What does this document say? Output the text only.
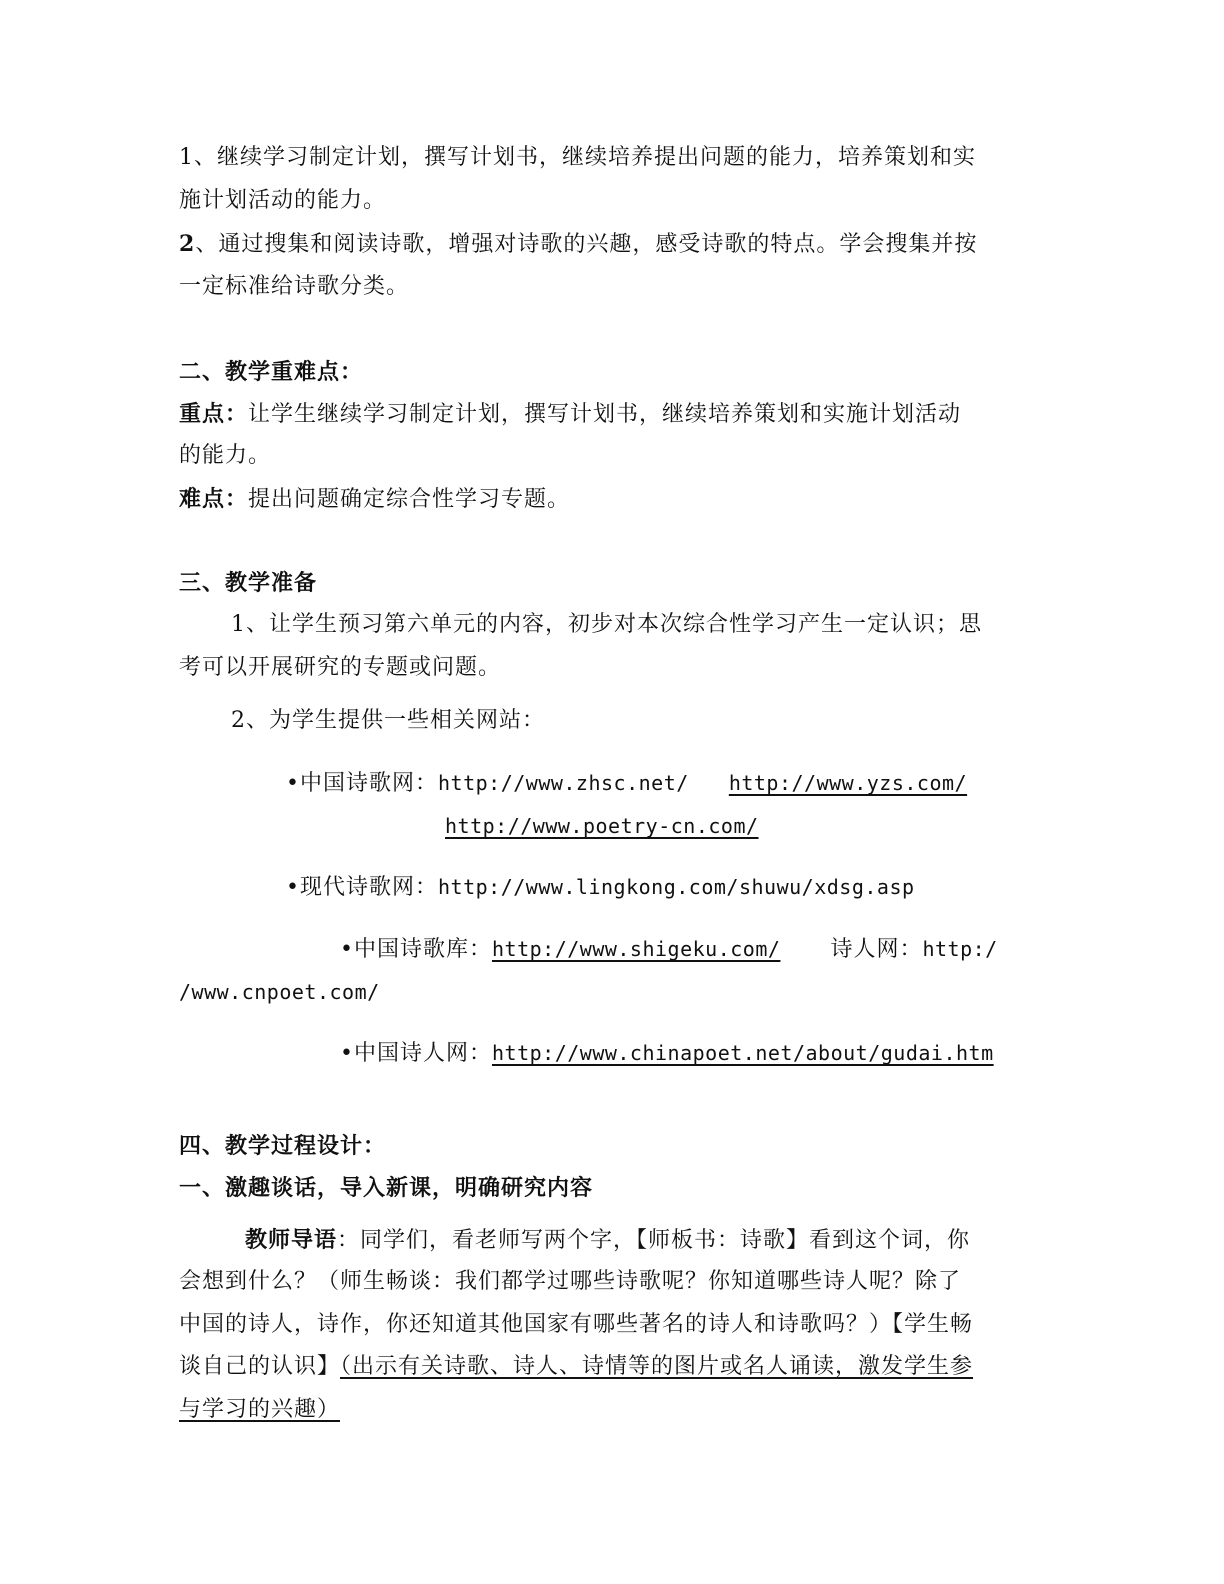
1、继续学习制定计划，撰写计划书，继续培养提出问题的能力，培养策划和实
施计划活动的能力。
2、通过搜集和阅读诗歌，增强对诗歌的兴趣，感受诗歌的特点。学会搜集并按
一定标准给诗歌分类。
二、教学重难点：
重点：让学生继续学习制定计划，撰写计划书，继续培养策划和实施计划活动
的能力。
难点：提出问题确定综合性学习专题。
三、教学准备
1、让学生预习第六单元的内容，初步对本次综合性学习产生一定认识；思
考可以开展研究的专题或问题。
2、为学生提供一些相关网站：
•中国诗歌网：http://www.zhsc.net/ http://www.yzs.com/
http://www.poetry-cn.com/
•现代诗歌网：http://www.lingkong.com/shuwu/xdsg.asp
•中国诗歌库：http://www.shigeku.com/ 诗人网：http:/
/www.cnpoet.com/
•中国诗人网：http://www.chinapoet.net/about/gudai.htm
四、教学过程设计：
一、激趣谈话，导入新课，明确研究内容
教师导语：同学们，看老师写两个字，【师板书：诗歌】看到这个词，你
会想到什么？（师生畅谈：我们都学过哪些诗歌呢？你知道哪些诗人呢？除了
中国的诗人，诗作，你还知道其他国家有哪些著名的诗人和诗歌吗？）【学生畅
谈自己的认识】（出示有关诗歌、诗人、诗情等的图片或名人诵读，激发学生参
与学习的兴趣）
